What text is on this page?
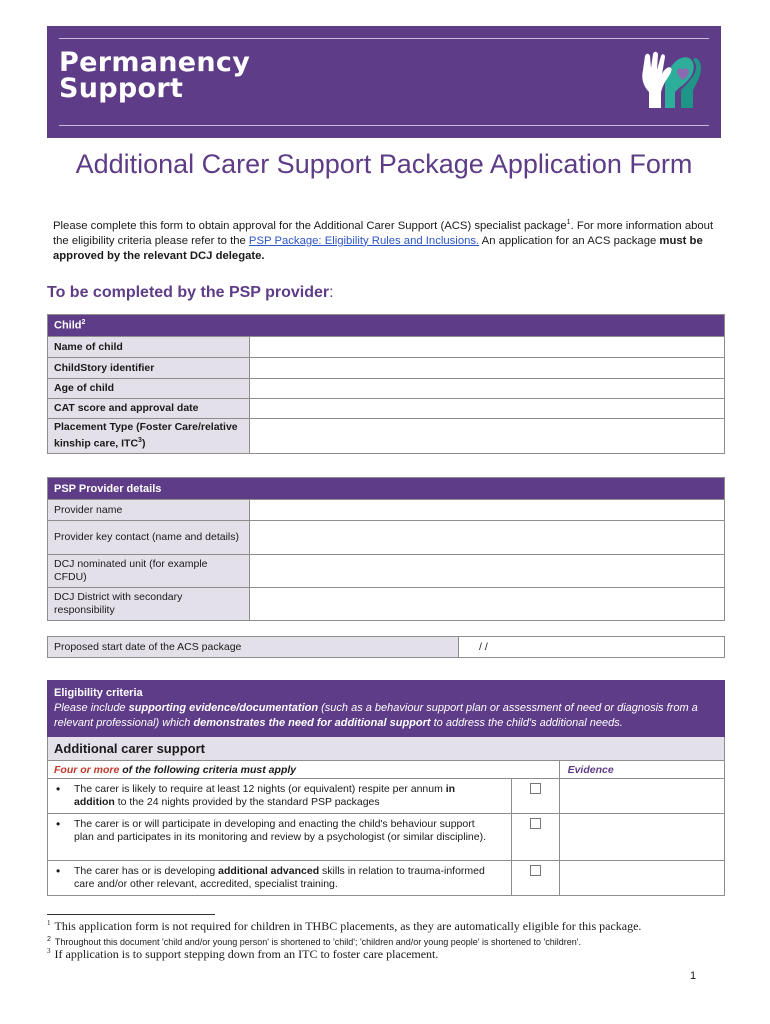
Permanency
Support
Additional Carer Support Package Application Form

Please complete this form to obtain approval for the Additional Carer Support (ACS) specialist package$^1$. For more information about the eligibility criteria please refer to the PSP Package: Eligibility Rules and Inclusions. An application for an ACS package must be approved by the relevant DCJ delegate.

To be completed by the PSP provider:
Child$^2$
Name of child	
ChildStory identifier	
Age of child	
CAT score and approval date	
Placement Type (Foster Care/relative kinship care, ITC$^3$)	
PSP Provider details	
Provider name	
Provider key contact (name and details)	
DCJ nominated unit (for example CFDU)	
DCJ District with secondary responsibility	
Proposed start date of the ACS package	/ /
Eligibility criteria
Please include supporting evidence/documentation (such as a behaviour support plan or assessment of need or diagnosis from a relevant professional) which demonstrates the need for additional support to address the child's additional needs.		

Additional carer support		
Four or more of the following criteria must apply		Evidence
• The carer is likely to require at least 12 nights (or equivalent) respite per annum in addition to the 24 nights provided by the standard PSP packages		
• The carer is or will participate in developing and enacting the child's behaviour support plan and participates in its monitoring and review by a psychologist (or similar discipline).		
• The carer has or is developing additional advanced skills in relation to trauma-informed care and/or other relevant, accredited, specialist training.		
$^1$ This application form is not required for children in THBC placements, as they are automatically eligible for this package.
$^2$ Throughout this document 'child and/or young person' is shortened to 'child'; 'children and/or young people' is shortened to 'children'.
$^3$ If application is to support stepping down from an ITC to foster care placement.
1
